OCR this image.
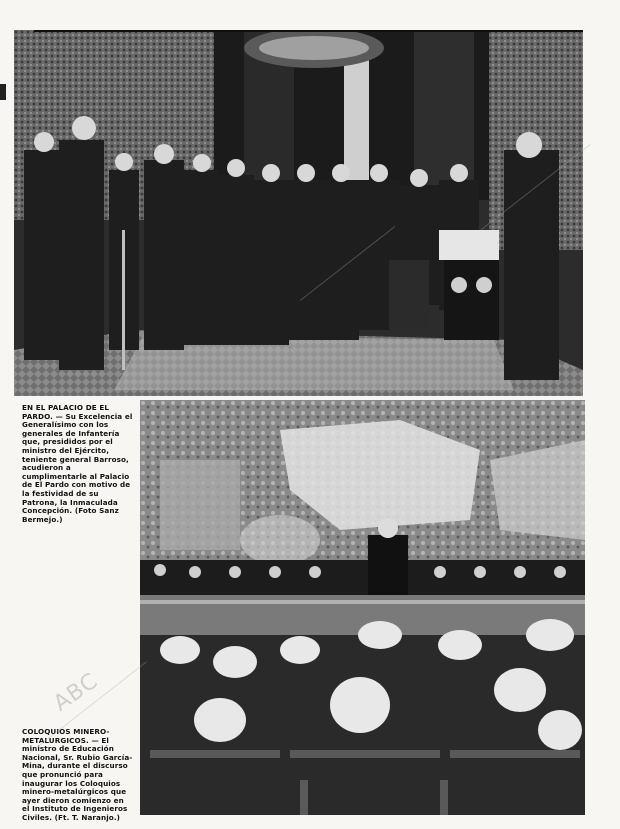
EN EL PALACIO DE EL PARDO. — Su Excelencia el Generalísimo con los generales de Infantería que, presididos por el ministro del Ejército, teniente general Barroso, acudieron a cumplimentarle al Palacio de El Pardo con motivo de la festividad de su Patrona, la Inmaculada Concepción. (Foto Sanz Bermejo.)
COLOQUIOS MINERO-METALURGICOS. — El ministro de Educación Nacional, Sr. Rubio García-Mina, durante el discurso que pronunció para inaugurar los Coloquios minero-metalúrgicos que ayer dieron comienzo en el Instituto de Ingenieros Civiles. (Ft. T. Naranjo.)
ABC
